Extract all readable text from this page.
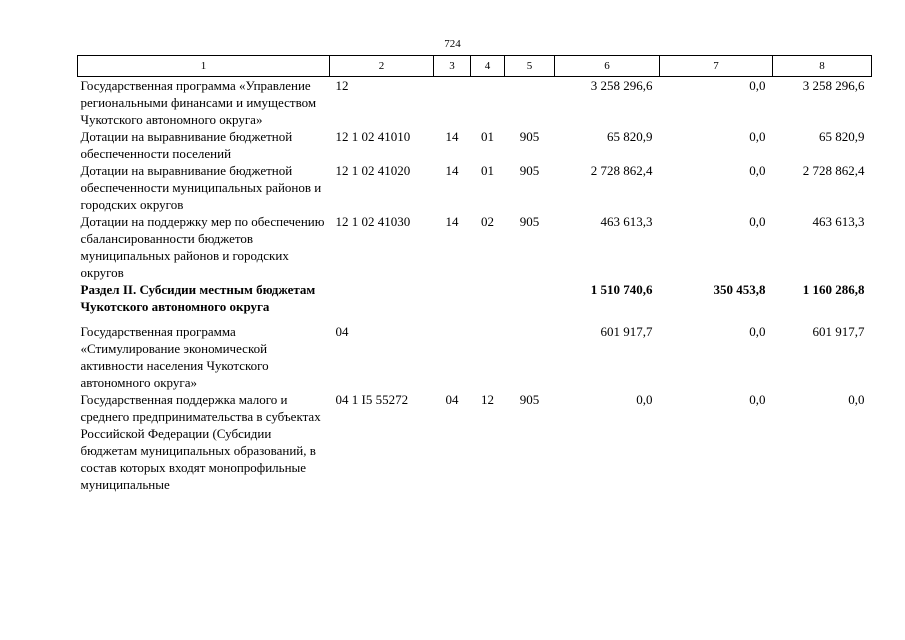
724
1	2	3	4	5	6	7	8
Государственная программа «Управление региональными финансами и имуществом Чукотского автономного округа»	12				3 258 296,6	0,0	3 258 296,6
Дотации на выравнивание бюджетной обеспеченности поселений	12 1 02 41010	14	01	905	65 820,9	0,0	65 820,9
Дотации на выравнивание бюджетной обеспеченности муниципальных районов и городских округов	12 1 02 41020	14	01	905	2 728 862,4	0,0	2 728 862,4
Дотации на поддержку мер по обеспечению сбалансированности бюджетов муниципальных районов и городских округов	12 1 02 41030	14	02	905	463 613,3	0,0	463 613,3
Раздел II. Субсидии местным бюджетам Чукотского автономного округа					1 510 740,6	350 453,8	1 160 286,8
Государственная программа «Стимулирование экономической активности населения Чукотского автономного округа»	04				601 917,7	0,0	601 917,7
Государственная поддержка малого и среднего предпринимательства в субъектах Российской Федерации (Субсидии бюджетам муниципальных образований, в состав которых входят монопрофильные муниципальные	04 1 I5 55272	04	12	905	0,0	0,0	0,0
